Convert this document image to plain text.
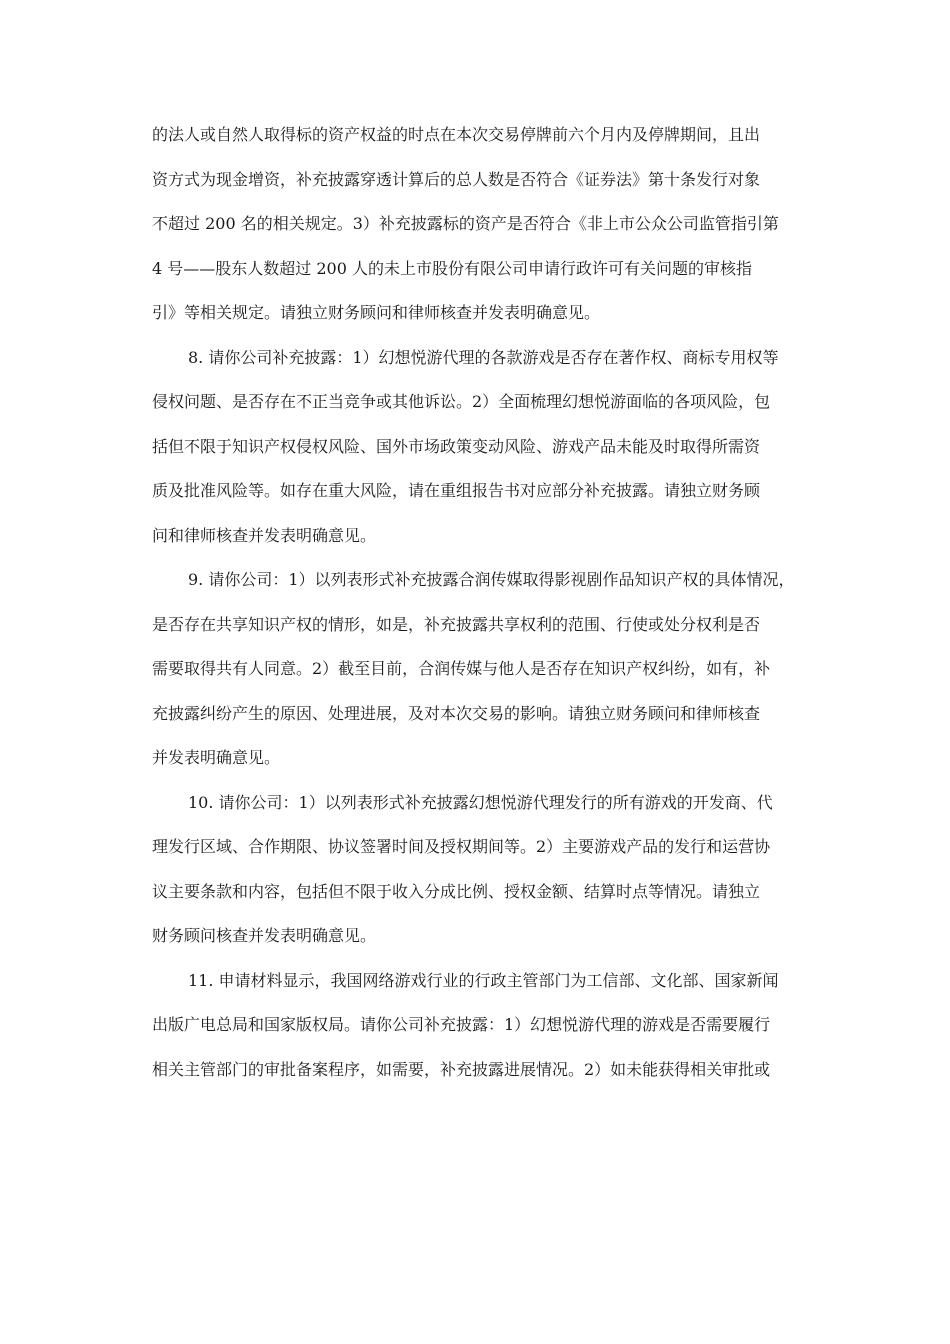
的法人或自然人取得标的资产权益的时点在本次交易停牌前六个月内及停牌期间，且出
资方式为现金增资，补充披露穿透计算后的总人数是否符合《证券法》第十条发行对象
不超过 200 名的相关规定。3）补充披露标的资产是否符合《非上市公众公司监管指引第
4 号——股东人数超过 200 人的未上市股份有限公司申请行政许可有关问题的审核指
引》等相关规定。请独立财务顾问和律师核查并发表明确意见。
8. 请你公司补充披露：1）幻想悦游代理的各款游戏是否存在著作权、商标专用权等
侵权问题、是否存在不正当竞争或其他诉讼。2）全面梳理幻想悦游面临的各项风险，包
括但不限于知识产权侵权风险、国外市场政策变动风险、游戏产品未能及时取得所需资
质及批准风险等。如存在重大风险，请在重组报告书对应部分补充披露。请独立财务顾
问和律师核查并发表明确意见。
9. 请你公司：1）以列表形式补充披露合润传媒取得影视剧作品知识产权的具体情况，
是否存在共享知识产权的情形，如是，补充披露共享权利的范围、行使或处分权利是否
需要取得共有人同意。2）截至目前，合润传媒与他人是否存在知识产权纠纷，如有，补
充披露纠纷产生的原因、处理进展，及对本次交易的影响。请独立财务顾问和律师核查
并发表明确意见。
10. 请你公司：1）以列表形式补充披露幻想悦游代理发行的所有游戏的开发商、代
理发行区域、合作期限、协议签署时间及授权期间等。2）主要游戏产品的发行和运营协
议主要条款和内容，包括但不限于收入分成比例、授权金额、结算时点等情况。请独立
财务顾问核查并发表明确意见。
11. 申请材料显示，我国网络游戏行业的行政主管部门为工信部、文化部、国家新闻
出版广电总局和国家版权局。请你公司补充披露：1）幻想悦游代理的游戏是否需要履行
相关主管部门的审批备案程序，如需要，补充披露进展情况。2）如未能获得相关审批或
